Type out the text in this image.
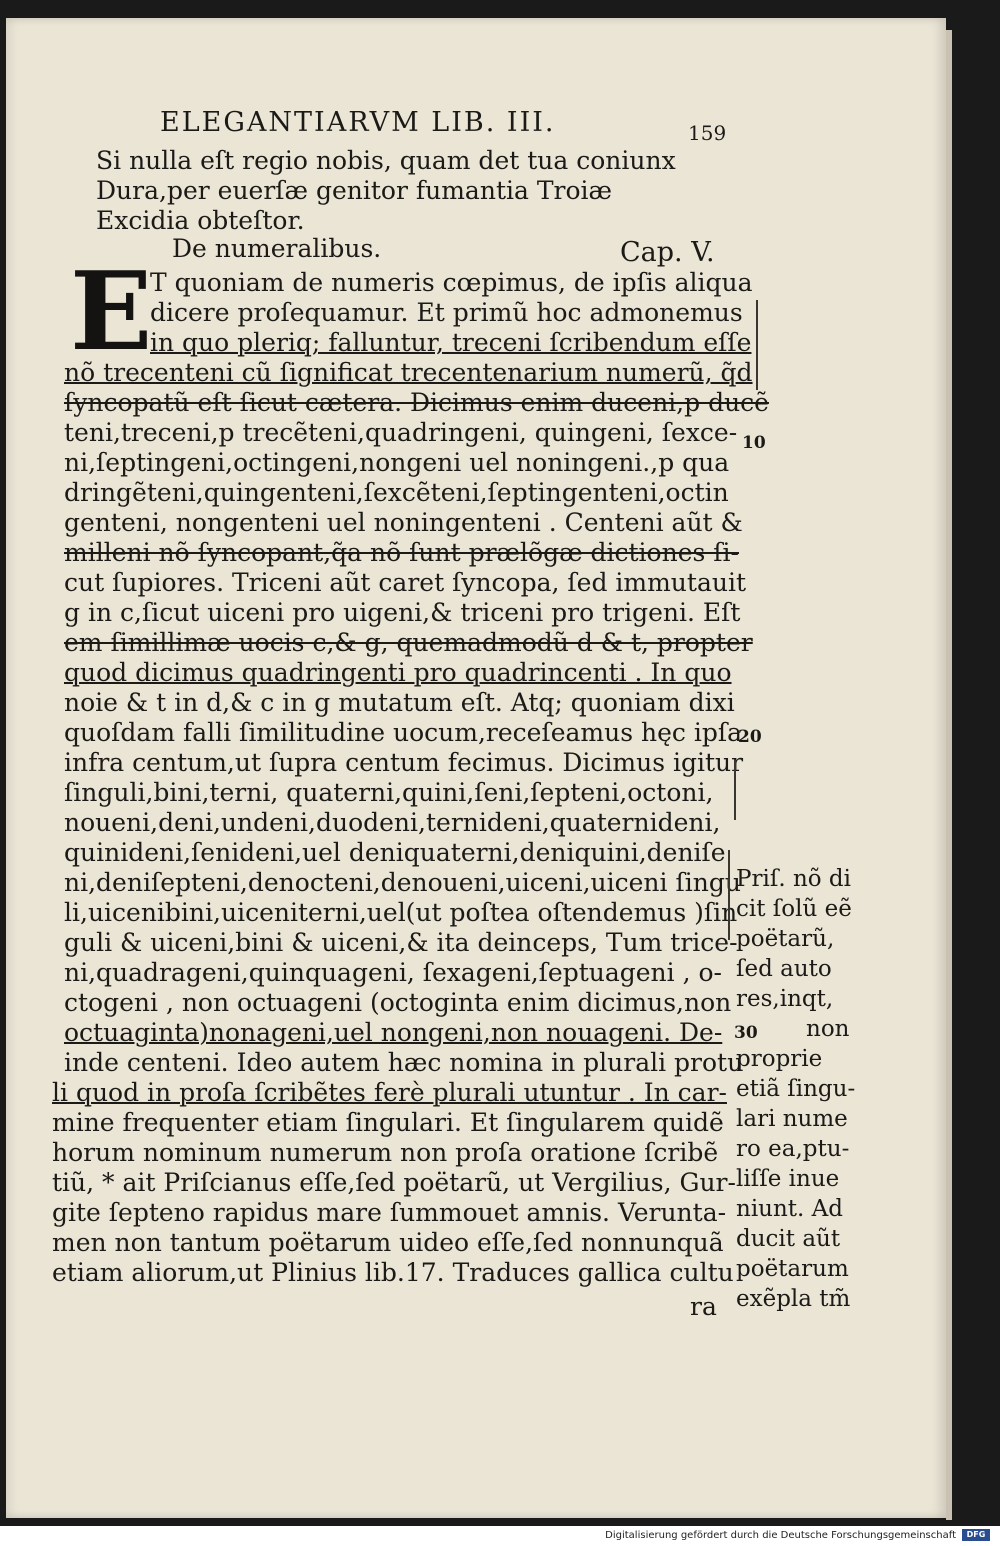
ELEGANTIARVM LIB. III.	159
Si nulla eſt regio nobis, quam det tua coniunx
Dura,per euerſæ genitor fumantia Troiæ
Excidia obteſtor.
De numeralibus.	Cap. V.
E
T quoniam de numeris cœpimus, de ipſis aliqua
dicere proſequamur. Et primũ hoc admonemus
in quo pleriq; falluntur, treceni ſcribendum eſſe
nõ trecenteni cũ ſignificat trecentenarium numerũ, q̃d
ſyncopatũ eſt ſicut cætera. Dicimus enim duceni,p ducẽ
teni,treceni,p trecẽteni,quadringeni, quingeni, ſexce-
ni,ſeptingeni,octingeni,nongeni uel noningeni.,p qua
dringẽteni,quingenteni,ſexcẽteni,ſeptingenteni,octin
genteni, nongenteni uel noningenteni . Centeni aũt &
milleni nõ ſyncopant,q̃a nõ ſunt prælõgæ dictiones ſi-
cut ſupiores. Triceni aũt caret ſyncopa, ſed immutauit
g in c,ſicut uiceni pro uigeni,& triceni pro trigeni. Eſt
em ſimillimæ uocis c,& g, quemadmodũ d & t, propter
quod dicimus quadringenti pro quadrincenti . In quo
noie & t in d,& c in g mutatum eſt. Atq; quoniam dixi
quoſdam falli ſimilitudine uocum,receſeamus hęc ipſa
infra centum,ut ſupra centum fecimus. Dicimus igitur
ſinguli,bini,terni, quaterni,quini,ſeni,ſepteni,octoni,
noueni,deni,undeni,duodeni,ternideni,quaternideni,
quinideni,ſenideni,uel deniquaterni,deniquini,deniſe
ni,deniſepteni,denocteni,denoueni,uiceni,uiceni ſingu
li,uicenibini,uiceniterni,uel(ut poſtea oſtendemus )ſin
guli & uiceni,bini & uiceni,& ita deinceps, Tum trice-
ni,quadrageni,quinquageni, ſexageni,ſeptuageni , o-
ctogeni , non octuageni (octoginta enim dicimus,non
octuaginta)nonageni,uel nongeni,non nouageni. De-
inde centeni. Ideo autem hæc nomina in plurali protu
li quod in proſa ſcribẽtes ferè plurali utuntur . In car-
mine frequenter etiam ſingulari. Et ſingularem quidẽ
horum nominum numerum non proſa oratione ſcribẽ
tiũ, * ait Priſcianus eſſe,ſed poëtarũ, ut Vergilius, Gur-
gite ſepteno rapidus mare ſummouet amnis. Verunta-
men non tantum poëtarum uideo eſſe,ſed nonnunquã
etiam aliorum,ut Plinius lib.17. Traduces gallica cultu
ra
10
20
30
Priſ. nõ di
cit ſolũ eẽ
poëtarũ,
ſed auto
res,inqt,
non
proprie
etiã ſingu-
lari nume
ro ea,ptu-
liſſe inue
niunt. Ad
ducit aũt
poëtarum
exẽpla tm̃
Digitalisierung gefördert durch die Deutsche Forschungsgemeinschaft	DFG
